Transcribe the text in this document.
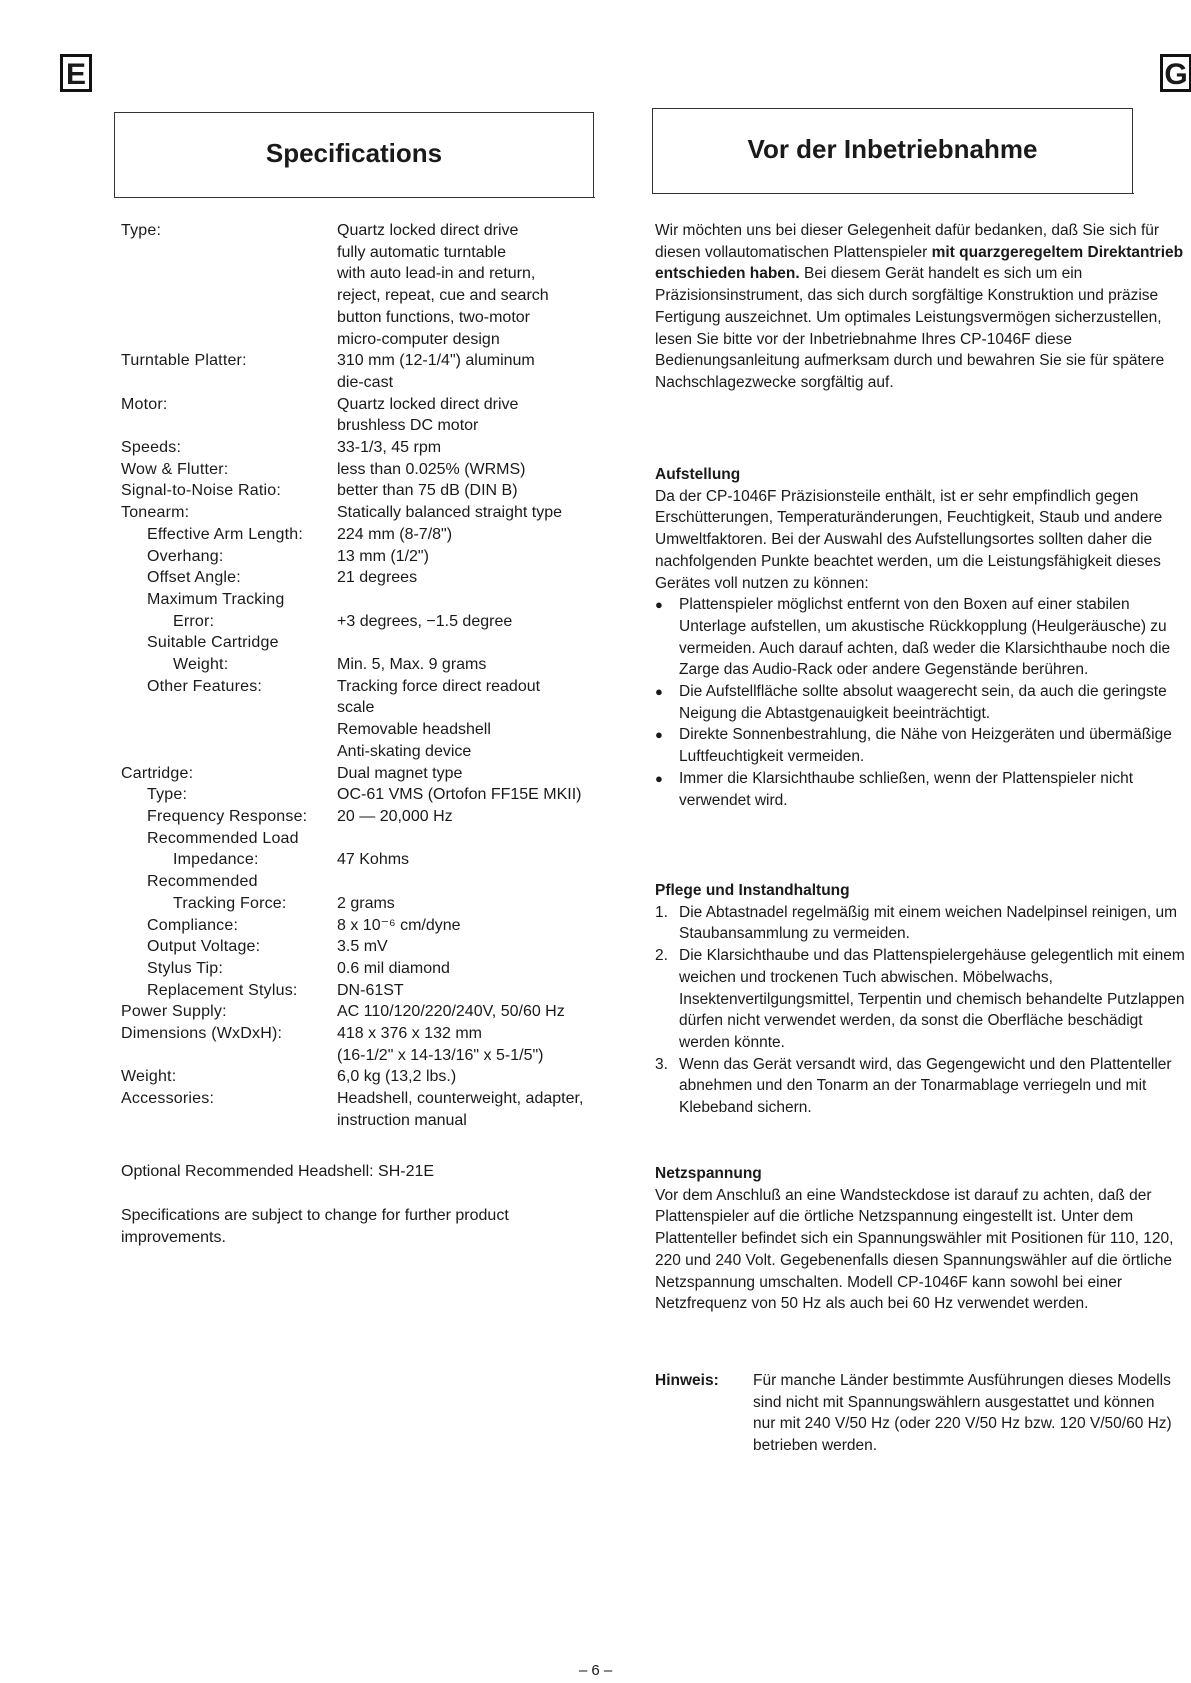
E	G
Specifications	Vor der Inbetriebnahme
Type:	Quartz locked direct drive
fully automatic turntable
with auto lead-in and return,
reject, repeat, cue and search
button functions, two-motor
micro-computer design
Turntable Platter:	310 mm (12-1/4") aluminum
die-cast
Motor:	Quartz locked direct drive
brushless DC motor
Speeds:	33-1/3, 45 rpm
Wow & Flutter:	less than 0.025% (WRMS)
Signal-to-Noise Ratio:	better than 75 dB (DIN B)
Tonearm:	Statically balanced straight type
Effective Arm Length:	224 mm (8-7/8")
Overhang:	13 mm (1/2")
Offset Angle:	21 degrees
Maximum Tracking

Error:	+3 degrees, −1.5 degree
Suitable Cartridge

Weight:	Min. 5, Max. 9 grams
Other Features:	Tracking force direct readout
scale
Removable headshell
Anti-skating device
Cartridge:	Dual magnet type
Type:	OC-61 VMS (Ortofon FF15E MKII)
Frequency Response:	20 — 20,000 Hz
Recommended Load

Impedance:	47 Kohms
Recommended

Tracking Force:	2 grams
Compliance:	8 x 10⁻⁶ cm/dyne
Output Voltage:	3.5 mV
Stylus Tip:	0.6 mil diamond
Replacement Stylus:	DN-61ST
Power Supply:	AC 110/120/220/240V, 50/60 Hz
Dimensions (WxDxH):	418 x 376 x 132 mm
(16-1/2" x 14-13/16" x 5-1/5")
Weight:	6,0 kg (13,2 lbs.)
Accessories:	Headshell, counterweight, adapter,
instruction manual
Optional Recommended Headshell: SH-21E
Specifications are subject to change for further product improvements.

Wir möchten uns bei dieser Gelegenheit dafür bedanken, daß Sie sich für diesen vollautomatischen Plattenspieler mit quarzgeregeltem Direktantrieb entschieden haben. Bei diesem Gerät handelt es sich um ein Präzisionsinstrument, das sich durch sorgfältige Konstruktion und präzise Fertigung auszeichnet. Um optimales Leistungsvermögen sicherzustellen, lesen Sie bitte vor der Inbetriebnahme Ihres CP-1046F diese Bedienungsanleitung aufmerksam durch und bewahren Sie sie für spätere Nachschlagezwecke sorgfältig auf.

Aufstellung

Da der CP-1046F Präzisionsteile enthält, ist er sehr empfindlich gegen Erschütterungen, Temperaturänderungen, Feuchtigkeit, Staub und andere Umweltfaktoren. Bei der Auswahl des Aufstellungsortes sollten daher die nachfolgenden Punkte beachtet werden, um die Leistungsfähigkeit dieses Gerätes voll nutzen zu können:

● Plattenspieler möglichst entfernt von den Boxen auf einer stabilen Unterlage aufstellen, um akustische Rückkopplung (Heulgeräusche) zu vermeiden. Auch darauf achten, daß weder die Klarsichthaube noch die Zarge das Audio-Rack oder andere Gegenstände berühren.
● Die Aufstellfläche sollte absolut waagerecht sein, da auch die geringste Neigung die Abtastgenauigkeit beeinträchtigt.
● Direkte Sonnenbestrahlung, die Nähe von Heizgeräten und übermäßige Luftfeuchtigkeit vermeiden.
● Immer die Klarsichthaube schließen, wenn der Plattenspieler nicht verwendet wird.

Pflege und Instandhaltung

1. Die Abtastnadel regelmäßig mit einem weichen Nadelpinsel reinigen, um Staubansammlung zu vermeiden.
2. Die Klarsichthaube und das Plattenspielergehäuse gelegentlich mit einem weichen und trockenen Tuch abwischen. Möbelwachs, Insektenvertilgungsmittel, Terpentin und chemisch behandelte Putzlappen dürfen nicht verwendet werden, da sonst die Oberfläche beschädigt werden könnte.
3. Wenn das Gerät versandt wird, das Gegengewicht und den Plattenteller abnehmen und den Tonarm an der Tonarmablage verriegeln und mit Klebeband sichern.

Netzspannung

Vor dem Anschluß an eine Wandsteckdose ist darauf zu achten, daß der Plattenspieler auf die örtliche Netzspannung eingestellt ist. Unter dem Plattenteller befindet sich ein Spannungswähler mit Positionen für 110, 120, 220 und 240 Volt. Gegebenenfalls diesen Spannungswähler auf die örtliche Netzspannung umschalten. Modell CP-1046F kann sowohl bei einer Netzfrequenz von 50 Hz als auch bei 60 Hz verwendet werden.

Hinweis:	Für manche Länder bestimmte Ausführungen dieses Modells sind nicht mit Spannungswählern ausgestattet und können nur mit 240 V/50 Hz (oder 220 V/50 Hz bzw. 120 V/50/60 Hz) betrieben werden.
– 6 –
